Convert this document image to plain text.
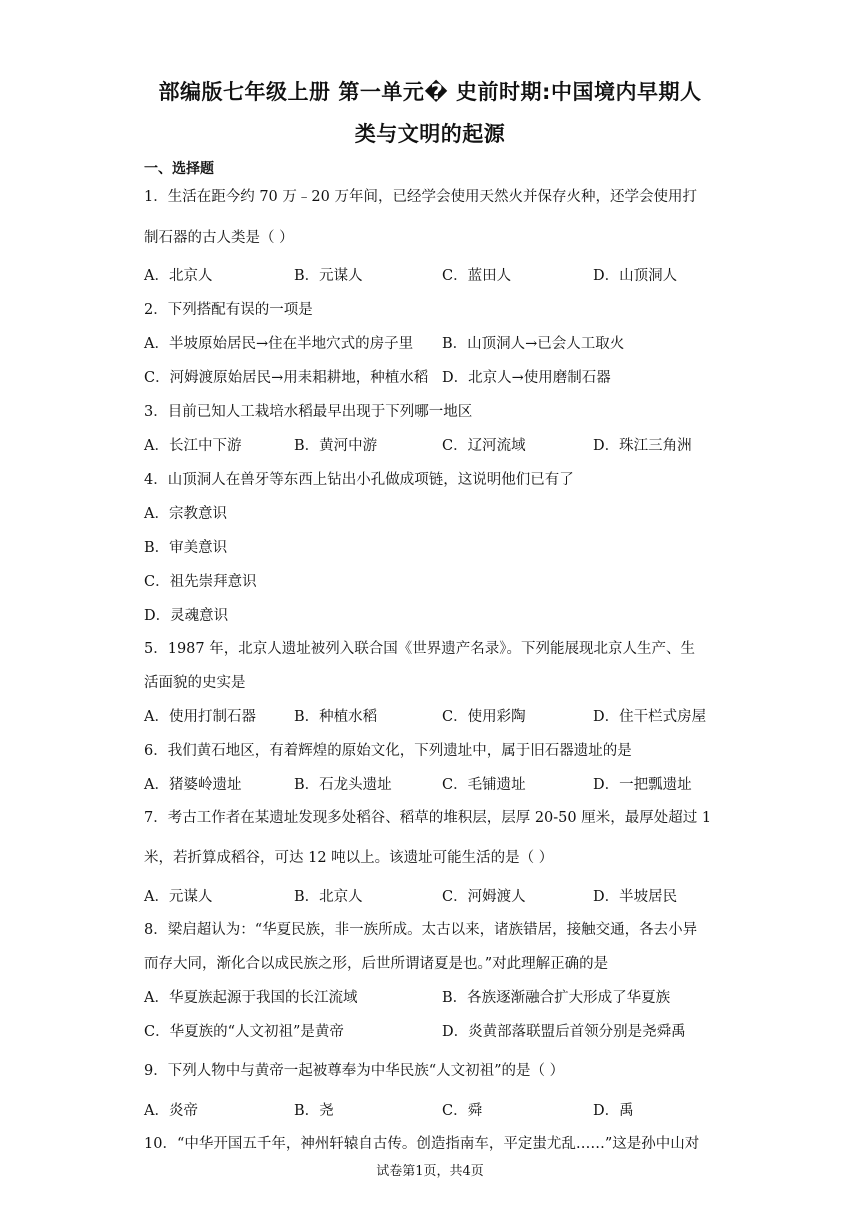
部编版七年级上册 第一单元� 史前时期:中国境内早期人
类与文明的起源
一、选择题
1．生活在距今约 70 万﹣20 万年间，已经学会使用天然火并保存火种，还学会使用打
制石器的古人类是（ ）
A．北京人	B．元谋人	C．蓝田人	D．山顶洞人
2．下列搭配有误的一项是
A．半坡原始居民→住在半地穴式的房子里 B．山顶洞人→已会人工取火
C．河姆渡原始居民→用耒耜耕地，种植水稻 D．北京人→使用磨制石器
3．目前已知人工栽培水稻最早出现于下列哪一地区
A．长江中下游	B．黄河中游	C．辽河流域	D．珠江三角洲
4．山顶洞人在兽牙等东西上钻出小孔做成项链，这说明他们已有了
A．宗教意识
B．审美意识
C．祖先崇拜意识
D．灵魂意识
5．1987 年，北京人遗址被列入联合国《世界遗产名录》。下列能展现北京人生产、生
活面貌的史实是
A．使用打制石器	B．种植水稻	C．使用彩陶	D．住干栏式房屋
6．我们黄石地区，有着辉煌的原始文化，下列遗址中，属于旧石器遗址的是
A．猪婆岭遗址	B．石龙头遗址	C．毛铺遗址	D．一把瓢遗址
7．考古工作者在某遗址发现多处稻谷、稻草的堆积层，层厚 20-50 厘米，最厚处超过 1
米，若折算成稻谷，可达 12 吨以上。该遗址可能生活的是（ ）
A．元谋人	B．北京人	C．河姆渡人	D．半坡居民
8．梁启超认为：“华夏民族，非一族所成。太古以来，诸族错居，接触交通，各去小异
而存大同，渐化合以成民族之形，后世所谓诸夏是也。”对此理解正确的是
A．华夏族起源于我国的长江流域	B．各族逐渐融合扩大形成了华夏族
C．华夏族的“人文初祖”是黄帝	D．炎黄部落联盟后首领分别是尧舜禹
9．下列人物中与黄帝一起被尊奉为中华民族“人文初祖”的是（ ）
A．炎帝	B．尧	C．舜	D．禹
10．“中华开国五千年，神州轩辕自古传。创造指南车，平定蚩尤乱……”这是孙中山对
试卷第1页，共4页
